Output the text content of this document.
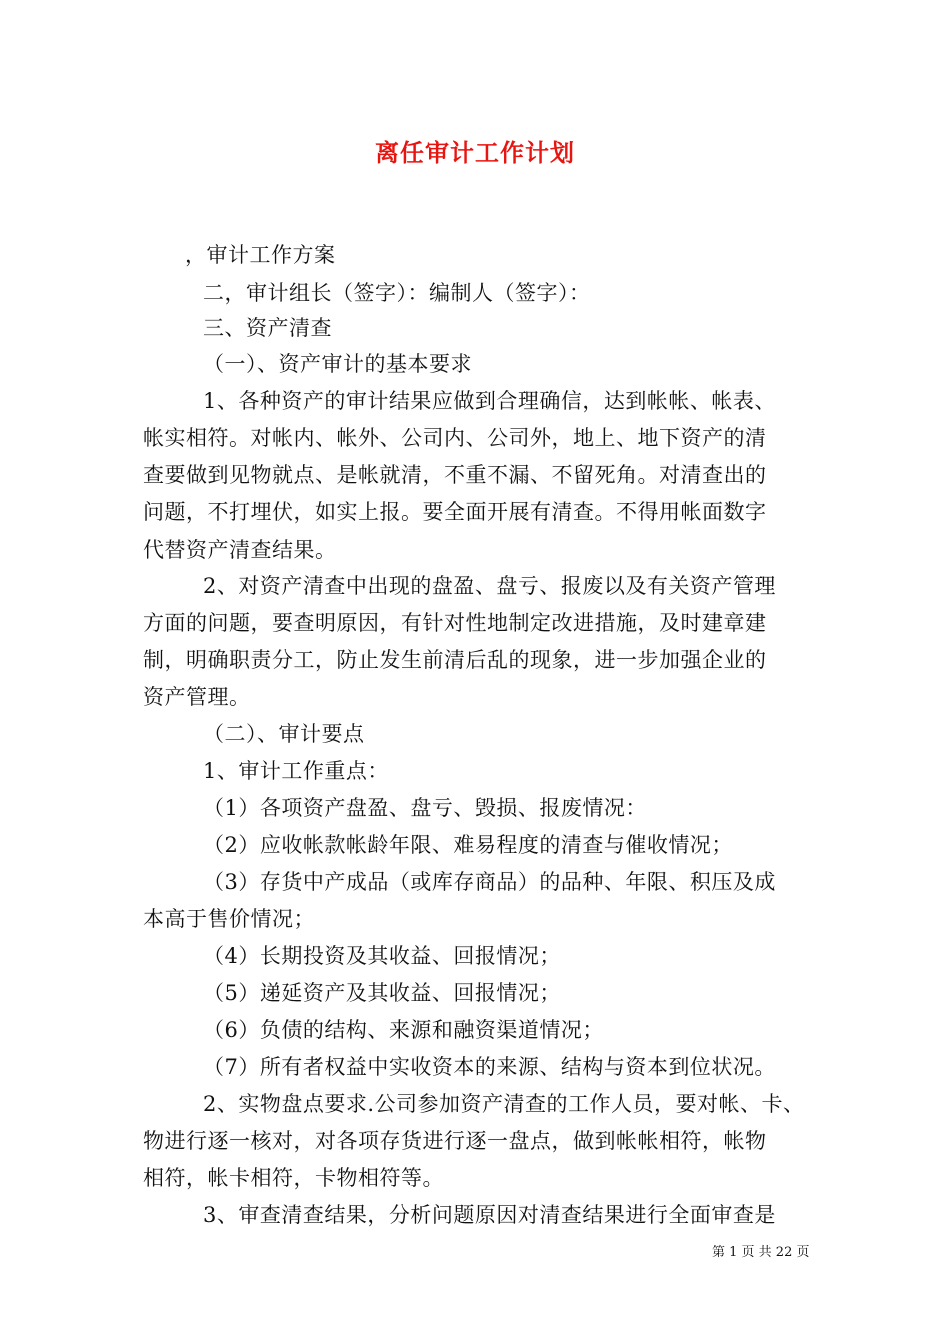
离任审计工作计划
，审计工作方案
二，审计组长（签字）：编制人（签字）：
三、资产清查
（一）、资产审计的基本要求
1、各种资产的审计结果应做到合理确信，达到帐帐、帐表、
帐实相符。对帐内、帐外、公司内、公司外，地上、地下资产的清
查要做到见物就点、是帐就清，不重不漏、不留死角。对清查出的
问题，不打埋伏，如实上报。要全面开展有清查。不得用帐面数字
代替资产清查结果。
2、对资产清查中出现的盘盈、盘亏、报废以及有关资产管理
方面的问题，要查明原因，有针对性地制定改进措施，及时建章建
制，明确职责分工，防止发生前清后乱的现象，进一步加强企业的
资产管理。
（二）、审计要点
1、审计工作重点：
（1）各项资产盘盈、盘亏、毁损、报废情况：
（2）应收帐款帐龄年限、难易程度的清查与催收情况；
（3）存货中产成品（或库存商品）的品种、年限、积压及成
本高于售价情况；
（4）长期投资及其收益、回报情况；
（5）递延资产及其收益、回报情况；
（6）负债的结构、来源和融资渠道情况；
（7）所有者权益中实收资本的来源、结构与资本到位状况。
2、实物盘点要求.公司参加资产清查的工作人员，要对帐、卡、
物进行逐一核对，对各项存货进行逐一盘点，做到帐帐相符，帐物
相符，帐卡相符，卡物相符等。
3、审查清查结果，分析问题原因对清查结果进行全面审查是
第 1 页 共 22 页
